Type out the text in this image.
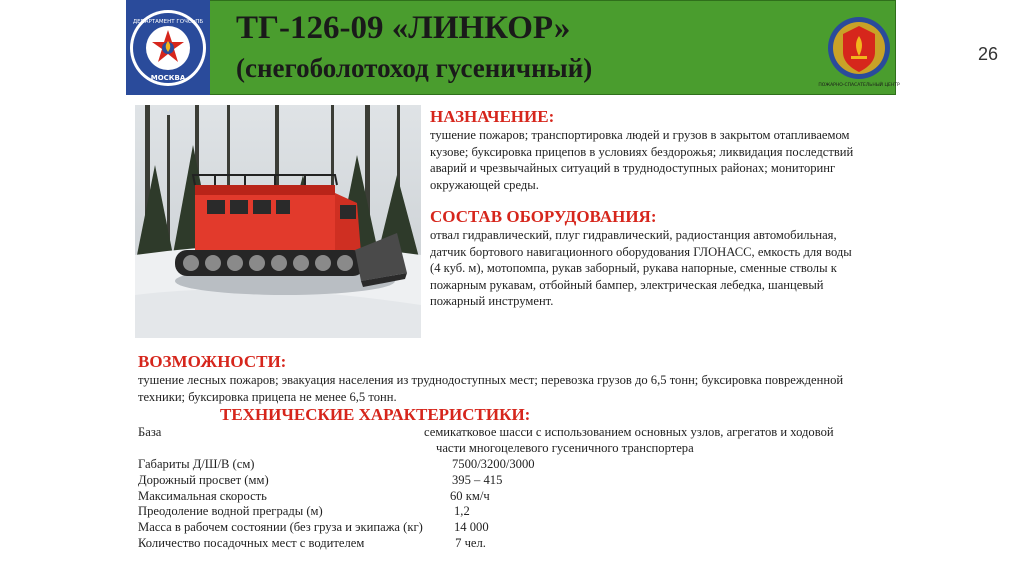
ДЕПАРТАМЕНТ ГОЧСиПБ
МОСКВА
ТГ-126-09 «ЛИНКОР»
(снегоболотоход гусеничный)
ПОЖАРНО-СПАСАТЕЛЬНЫЙ ЦЕНТР
26
НАЗНАЧЕНИЕ:
тушение пожаров; транспортировка людей и грузов в закрытом отапливаемом
кузове; буксировка прицепов в условиях бездорожья; ликвидация последствий
аварий и чрезвычайных ситуаций в труднодоступных районах; мониторинг
окружающей среды.
СОСТАВ ОБОРУДОВАНИЯ:
отвал гидравлический, плуг гидравлический, радиостанция автомобильная,
датчик бортового навигационного оборудования ГЛОНАСС, емкость для воды
(4 куб. м), мотопомпа, рукав заборный, рукава напорные, сменные стволы к
пожарным рукавам, отбойный бампер, электрическая лебедка, шанцевый
пожарный инструмент.
ВОЗМОЖНОСТИ:
тушение лесных пожаров; эвакуация населения из труднодоступных мест; перевозка грузов до 6,5 тонн; буксировка поврежденной
техники; буксировка прицепа не менее 6,5 тонн.
ТЕХНИЧЕСКИЕ ХАРАКТЕРИСТИКИ:
База	семикатковое шасси с использованием основных узлов, агрегатов и ходовой
части многоцелевого гусеничного транспортера
Габариты Д/Ш/В (см)	7500/3200/3000
Дорожный просвет (мм)	395 – 415
Максимальная скорость	60 км/ч
Преодоление водной преграды (м)	1,2
Масса в рабочем состоянии (без груза и экипажа (кг) 14 000
Количество посадочных мест с водителем	7 чел.
